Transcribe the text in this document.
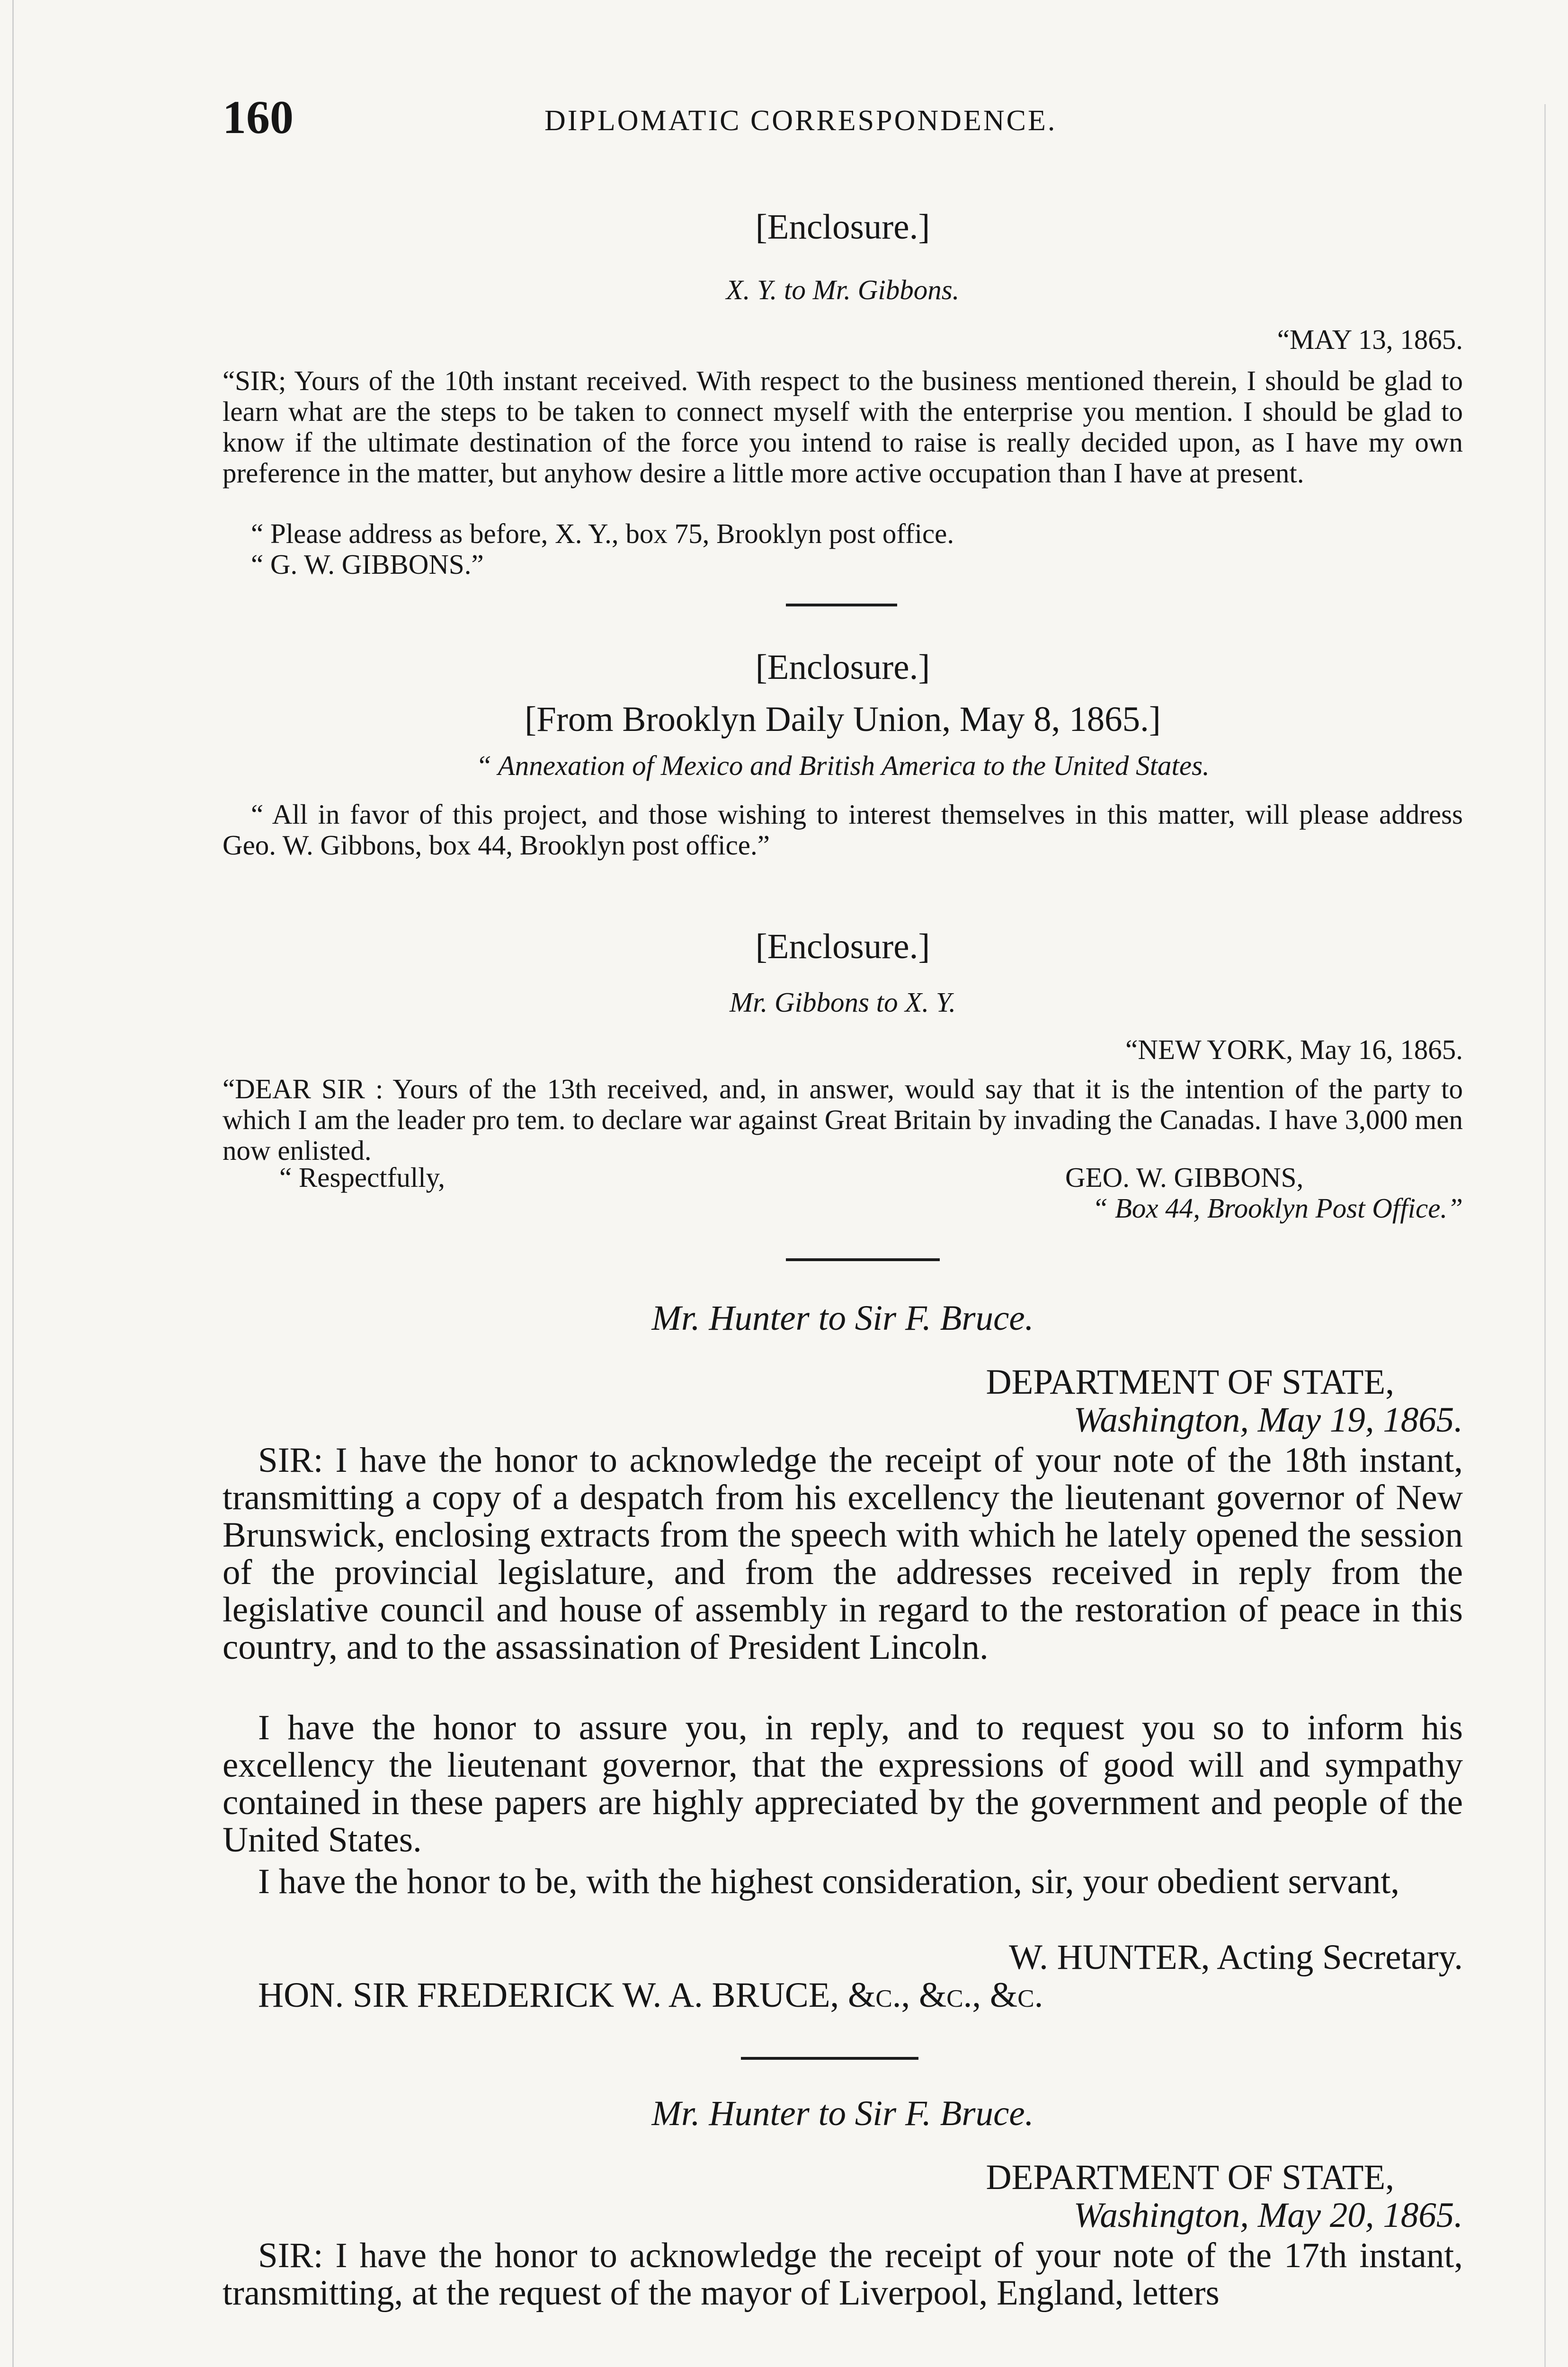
160	DIPLOMATIC CORRESPONDENCE.
[Enclosure.]
X. Y. to Mr. Gibbons.
“MAY 13, 1865.
“SIR; Yours of the 10th instant received. With respect to the business mentioned therein, I should be glad to learn what are the steps to be taken to connect myself with the enterprise you mention. I should be glad to know if the ultimate destination of the force you intend to raise is really decided upon, as I have my own preference in the matter, but anyhow desire a little more active occupation than I have at present.
“ Please address as before, X. Y., box 75, Brooklyn post office.
“ G. W. GIBBONS.”
[Enclosure.]
[From Brooklyn Daily Union, May 8, 1865.]
“ Annexation of Mexico and British America to the United States.
“ All in favor of this project, and those wishing to interest themselves in this matter, will please address Geo. W. Gibbons, box 44, Brooklyn post office.”
[Enclosure.]
Mr. Gibbons to X. Y.
“NEW YORK, May 16, 1865.
“DEAR SIR : Yours of the 13th received, and, in answer, would say that it is the intention of the party to which I am the leader pro tem. to declare war against Great Britain by invading the Canadas. I have 3,000 men now enlisted.
“ Respectfully,	GEO. W. GIBBONS,
“ Box 44, Brooklyn Post Office.”
Mr. Hunter to Sir F. Bruce.
DEPARTMENT OF STATE,
Washington, May 19, 1865.
SIR: I have the honor to acknowledge the receipt of your note of the 18th instant, transmitting a copy of a despatch from his excellency the lieutenant governor of New Brunswick, enclosing extracts from the speech with which he lately opened the session of the provincial legislature, and from the addresses received in reply from the legislative council and house of assembly in regard to the restoration of peace in this country, and to the assassination of President Lincoln.
I have the honor to assure you, in reply, and to request you so to inform his excellency the lieutenant governor, that the expressions of good will and sympathy contained in these papers are highly appreciated by the government and people of the United States.
I have the honor to be, with the highest consideration, sir, your obedient servant,
W. HUNTER, Acting Secretary.
HON. SIR FREDERICK W. A. BRUCE, &c., &c., &c.
Mr. Hunter to Sir F. Bruce.
DEPARTMENT OF STATE,
Washington, May 20, 1865.
SIR: I have the honor to acknowledge the receipt of your note of the 17th instant, transmitting, at the request of the mayor of Liverpool, England, letters
